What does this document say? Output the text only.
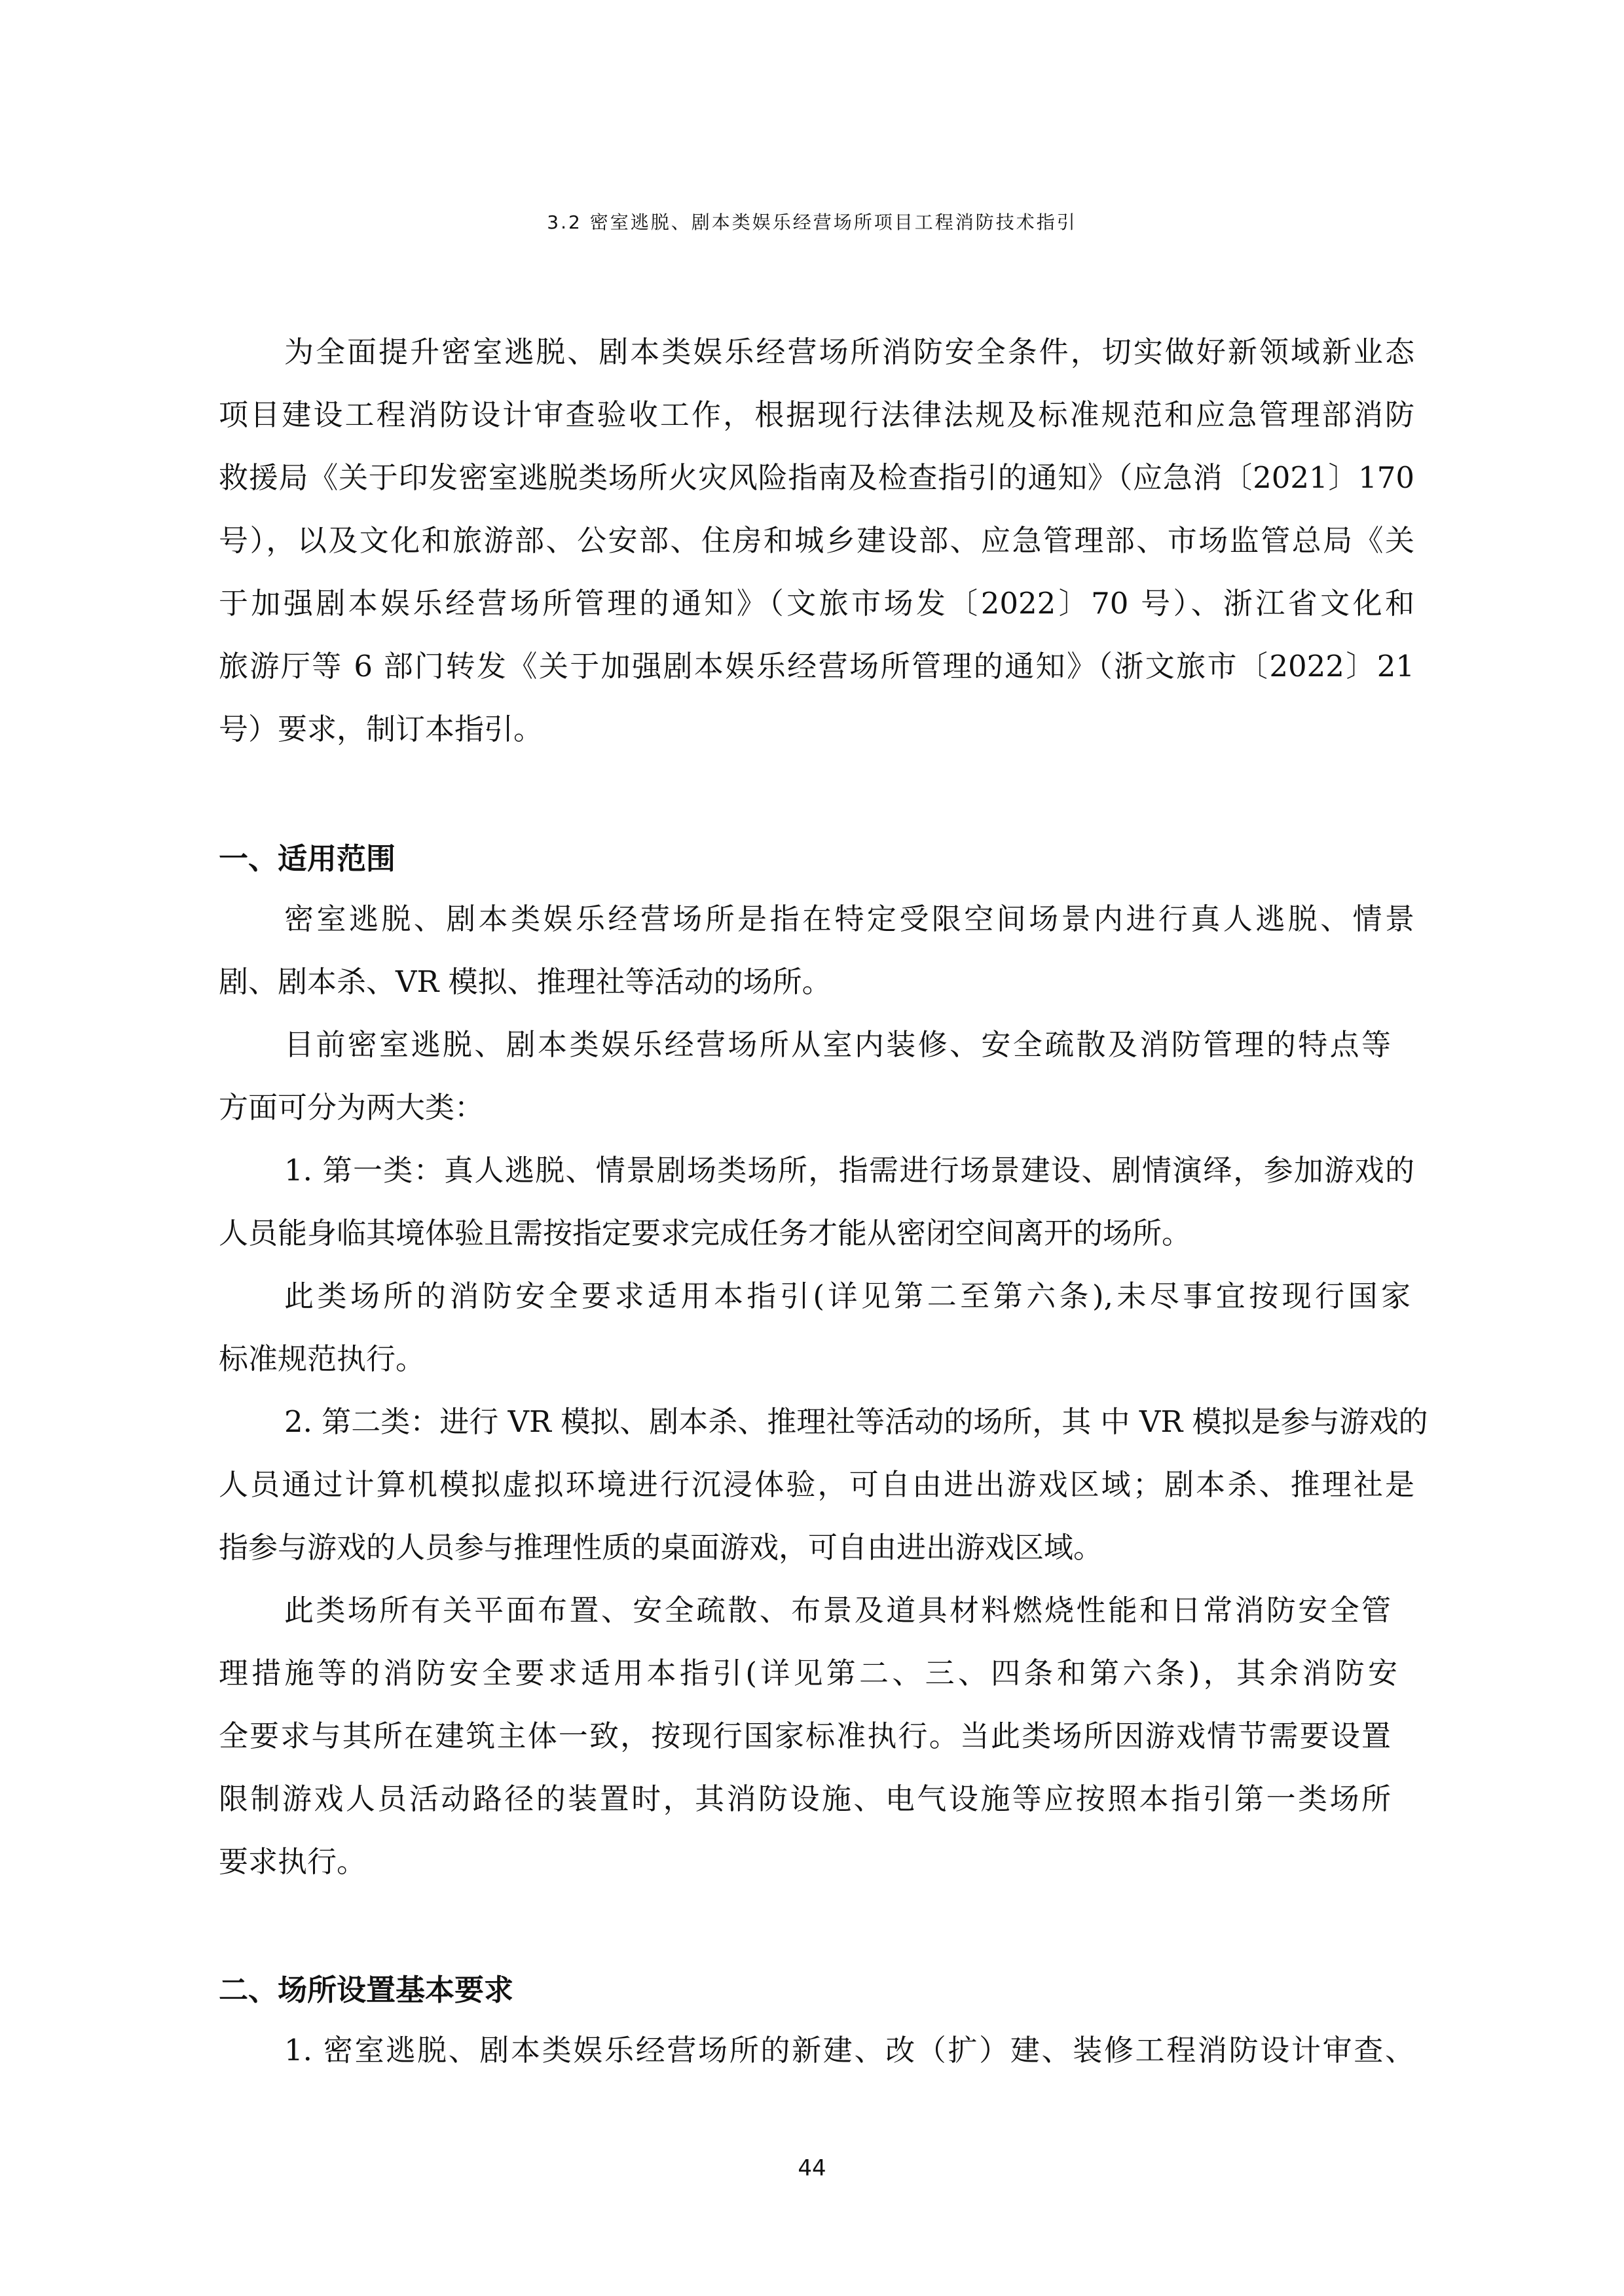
3.2 密室逃脱、剧本类娱乐经营场所项目工程消防技术指引
为全面提升密室逃脱、剧本类娱乐经营场所消防安全条件，切实做好新领域新业态
项目建设工程消防设计审查验收工作，根据现行法律法规及标准规范和应急管理部消防
救援局《关于印发密室逃脱类场所火灾风险指南及检查指引的通知》（应急消〔2021〕170
号），以及文化和旅游部、公安部、住房和城乡建设部、应急管理部、市场监管总局《关
于加强剧本娱乐经营场所管理的通知》（文旅市场发〔2022〕70 号）、浙江省文化和
旅游厅等 6 部门转发《关于加强剧本娱乐经营场所管理的通知》（浙文旅市〔2022〕21
号）要求，制订本指引。
一、适用范围
密室逃脱、剧本类娱乐经营场所是指在特定受限空间场景内进行真人逃脱、情景
剧、剧本杀、VR 模拟、推理社等活动的场所。
目前密室逃脱、剧本类娱乐经营场所从室内装修、安全疏散及消防管理的特点等
方面可分为两大类：
1. 第一类：真人逃脱、情景剧场类场所，指需进行场景建设、剧情演绎，参加游戏的
人员能身临其境体验且需按指定要求完成任务才能从密闭空间离开的场所。
此类场所的消防安全要求适用本指引(详见第二至第六条),未尽事宜按现行国家
标准规范执行。
2. 第二类：进行 VR 模拟、剧本杀、推理社等活动的场所，其 中 VR 模拟是参与游戏的
人员通过计算机模拟虚拟环境进行沉浸体验，可自由进出游戏区域；剧本杀、推理社是
指参与游戏的人员参与推理性质的桌面游戏，可自由进出游戏区域。
此类场所有关平面布置、安全疏散、布景及道具材料燃烧性能和日常消防安全管
理措施等的消防安全要求适用本指引(详见第二、三、四条和第六条)，其余消防安
全要求与其所在建筑主体一致，按现行国家标准执行。当此类场所因游戏情节需要设置
限制游戏人员活动路径的装置时，其消防设施、电气设施等应按照本指引第一类场所
要求执行。
二、场所设置基本要求
1. 密室逃脱、剧本类娱乐经营场所的新建、改（扩）建、装修工程消防设计审查、
44
